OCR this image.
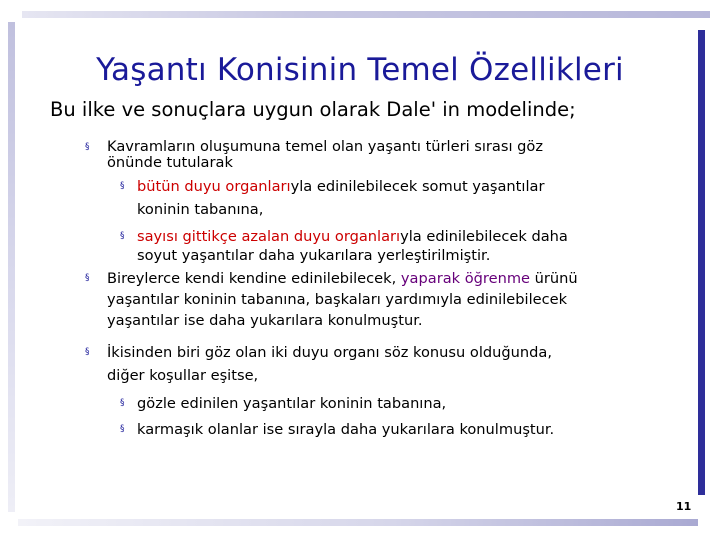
Yaşantı Konisinin Temel Özellikleri
Bu ilke ve sonuçlara uygun olarak Dale' in modelinde;
§ Kavramların oluşumuna temel olan yaşantı türleri sırası göz
önünde tutularak
§ bütün duyu organlarıyla edinilebilecek somut yaşantılar
koninin tabanına,
§ sayısı gittikçe azalan duyu organlarıyla edinilebilecek daha
soyut yaşantılar daha yukarılara yerleştirilmiştir.
§ Bireylerce kendi kendine edinilebilecek, yaparak öğrenme ürünü
yaşantılar koninin tabanına, başkaları yardımıyla edinilebilecek
yaşantılar ise daha yukarılara konulmuştur.
§ İkisinden biri göz olan iki duyu organı söz konusu olduğunda,
diğer koşullar eşitse,
§ gözle edinilen yaşantılar koninin tabanına,
§ karmaşık olanlar ise sırayla daha yukarılara konulmuştur.
11
